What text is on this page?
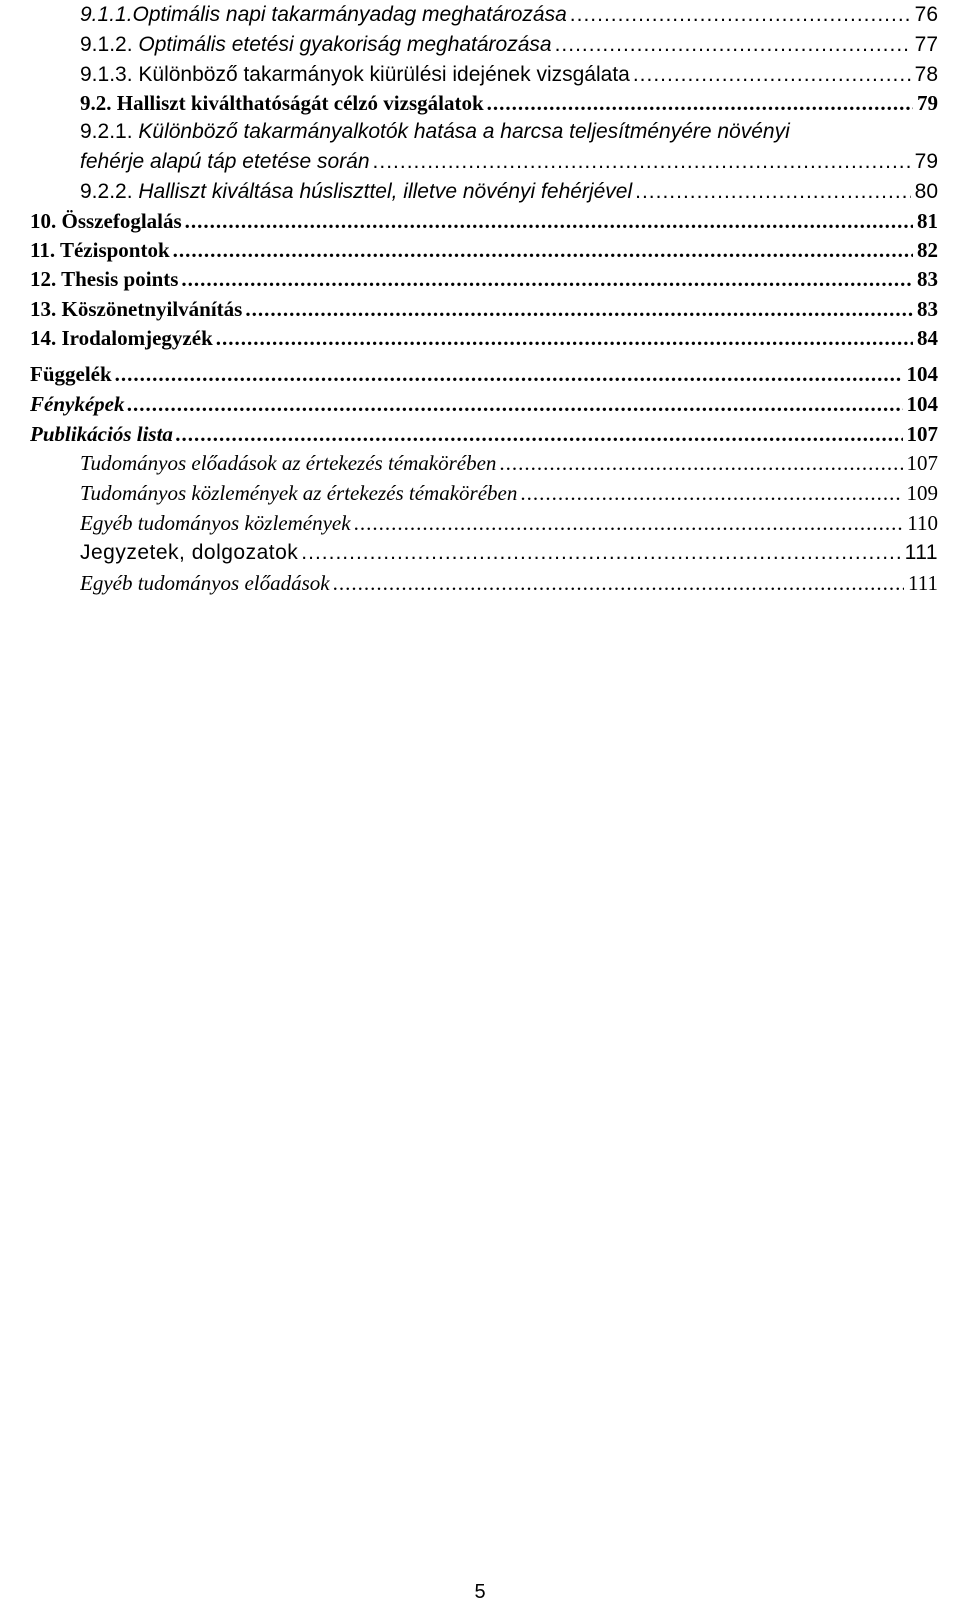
9.1.1.Optimális napi takarmányadag meghatározása .....	76
9.1.2. Optimális etetési gyakoriság meghatározása .....	77
9.1.3. Különböző takarmányok kiürülési idejének vizsgálata .....	78
9.2. Halliszt kiválthatóságát célzó vizsgálatok .....	79
9.2.1. Különböző takarmányalkotók hatása a harcsa teljesítményére növényi
fehérje alapú táp etetése során .....	79
9.2.2. Halliszt kiváltása húsliszttel, illetve növényi fehérjével .....	80
10. Összefoglalás .....	81
11. Tézispontok .....	82
12. Thesis points .....	83
13. Köszönetnyilvánítás .....	83
14. Irodalomjegyzék .....	84
Függelék .....	104
Fényképek .....	104
Publikációs lista .....	107
Tudományos előadások az értekezés témakörében .....	107
Tudományos közlemények az értekezés témakörében .....	109
Egyéb tudományos közlemények .....	110
Jegyzetek, dolgozatok .....	111
Egyéb tudományos előadások .....	111
5
